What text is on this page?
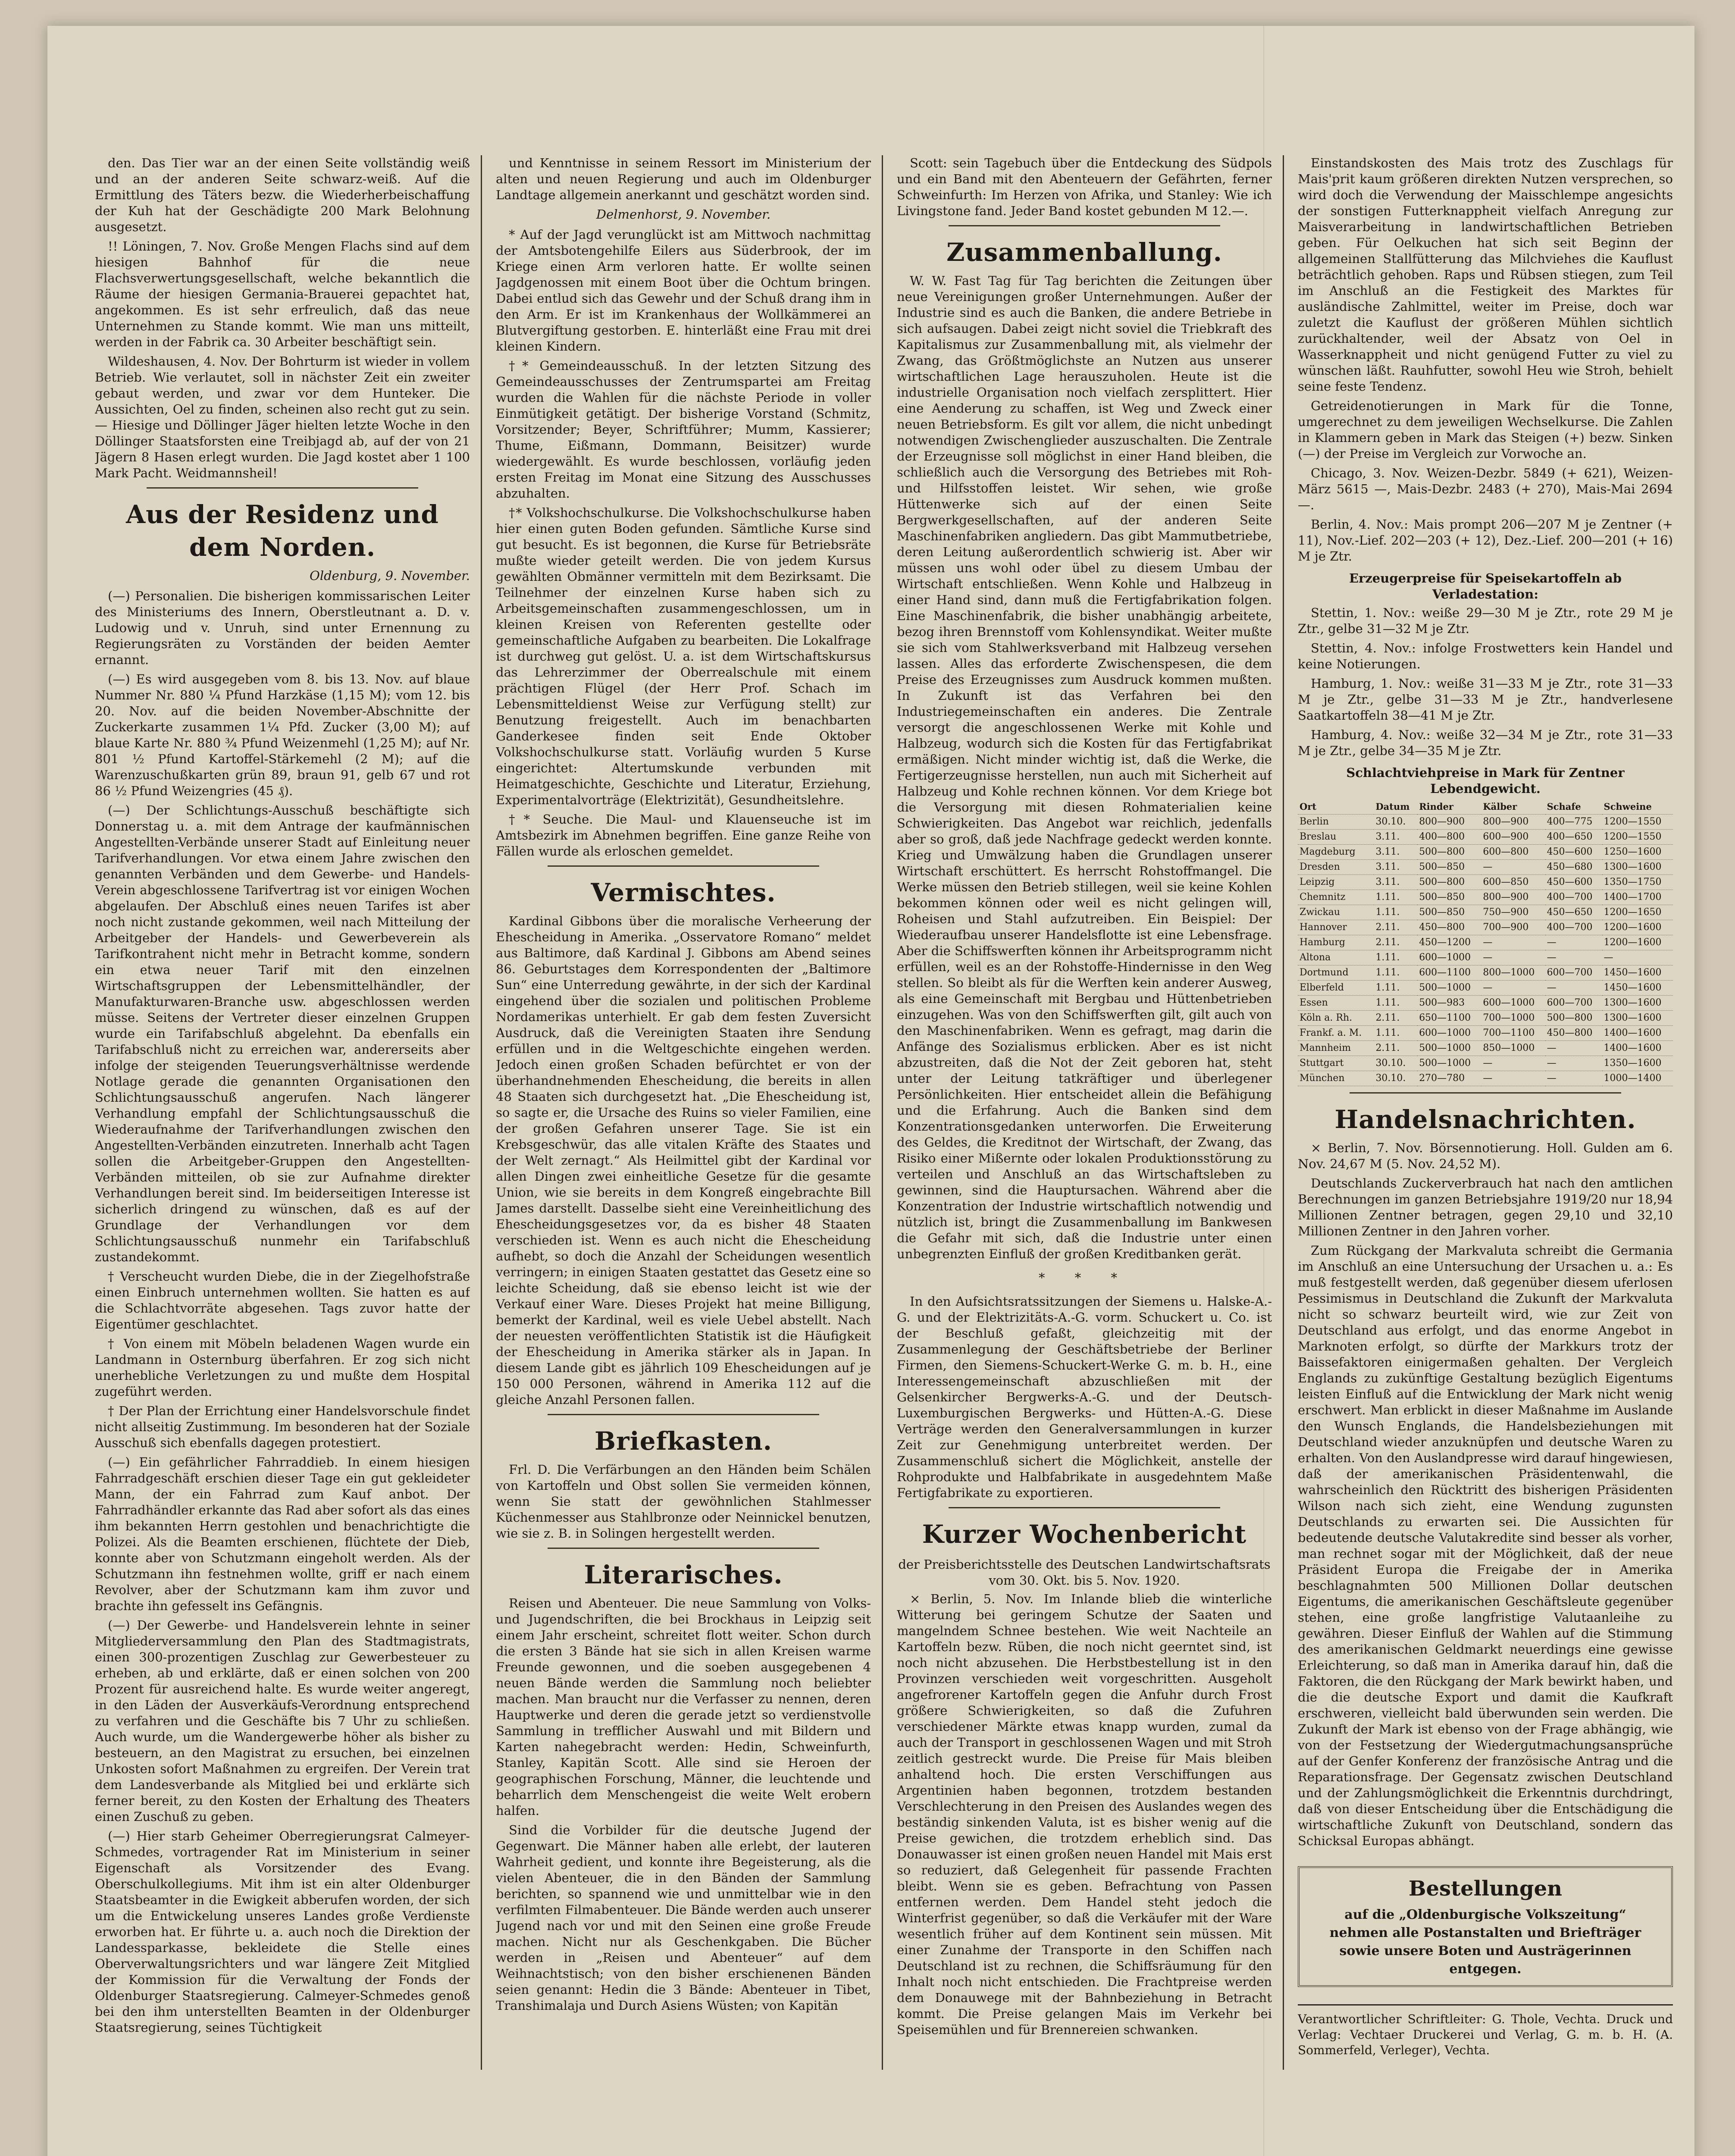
den. Das Tier war an der einen Seite vollständig weiß und an der anderen Seite schwarz-weiß. Auf die Ermittlung des Täters bezw. die Wiederherbeischaffung der Kuh hat der Geschädigte 200 Mark Belohnung ausgesetzt.

!! Löningen, 7. Nov. Große Mengen Flachs sind auf dem hiesigen Bahnhof für die neue Flachsverwertungsgesellschaft, welche bekanntlich die Räume der hiesigen Germania-Brauerei gepachtet hat, angekommen. Es ist sehr erfreulich, daß das neue Unternehmen zu Stande kommt. Wie man uns mitteilt, werden in der Fabrik ca. 30 Arbeiter beschäftigt sein.

Wildeshausen, 4. Nov. Der Bohrturm ist wieder in vollem Betrieb. Wie verlautet, soll in nächster Zeit ein zweiter gebaut werden, und zwar vor dem Hunteker. Die Aussichten, Oel zu finden, scheinen also recht gut zu sein. — Hiesige und Döllinger Jäger hielten letzte Woche in den Döllinger Staatsforsten eine Treibjagd ab, auf der von 21 Jägern 8 Hasen erlegt wurden. Die Jagd kostet aber 1 100 Mark Pacht. Weidmannsheil!

Aus der Residenz und dem Norden.
Oldenburg, 9. November.

(—) Personalien. Die bisherigen kommissarischen Leiter des Ministeriums des Innern, Oberstleutnant a. D. v. Ludowig und v. Unruh, sind unter Ernennung zu Regierungsräten zu Vorständen der beiden Aemter ernannt.

(—) Es wird ausgegeben vom 8. bis 13. Nov. auf blaue Nummer Nr. 880 ¼ Pfund Harzkäse (1,15 M); vom 12. bis 20. Nov. auf die beiden November-Abschnitte der Zuckerkarte zusammen 1¼ Pfd. Zucker (3,00 M); auf blaue Karte Nr. 880 ¾ Pfund Weizenmehl (1,25 M); auf Nr. 801 ½ Pfund Kartoffel-Stärkemehl (2 M); auf die Warenzuschußkarten grün 89, braun 91, gelb 67 und rot 86 ½ Pfund Weizengries (45 ₰).

(—) Der Schlichtungs-Ausschuß beschäftigte sich Donnerstag u. a. mit dem Antrage der kaufmännischen Angestellten-Verbände unserer Stadt auf Einleitung neuer Tarifverhandlungen. Vor etwa einem Jahre zwischen den genannten Verbänden und dem Gewerbe- und Handels-Verein abgeschlossene Tarifvertrag ist vor einigen Wochen abgelaufen. Der Abschluß eines neuen Tarifes ist aber noch nicht zustande gekommen, weil nach Mitteilung der Arbeitgeber der Handels- und Gewerbeverein als Tarifkontrahent nicht mehr in Betracht komme, sondern ein etwa neuer Tarif mit den einzelnen Wirtschaftsgruppen der Lebensmittelhändler, der Manufakturwaren-Branche usw. abgeschlossen werden müsse. Seitens der Vertreter dieser einzelnen Gruppen wurde ein Tarifabschluß abgelehnt. Da ebenfalls ein Tarifabschluß nicht zu erreichen war, andererseits aber infolge der steigenden Teuerungsverhältnisse werdende Notlage gerade die genannten Organisationen den Schlichtungsausschuß angerufen. Nach längerer Verhandlung empfahl der Schlichtungsausschuß die Wiederaufnahme der Tarifverhandlungen zwischen den Angestellten-Verbänden einzutreten. Innerhalb acht Tagen sollen die Arbeitgeber-Gruppen den Angestellten-Verbänden mitteilen, ob sie zur Aufnahme direkter Verhandlungen bereit sind. Im beiderseitigen Interesse ist sicherlich dringend zu wünschen, daß es auf der Grundlage der Verhandlungen vor dem Schlichtungsausschuß nunmehr ein Tarifabschluß zustandekommt.

† Verscheucht wurden Diebe, die in der Ziegelhofstraße einen Einbruch unternehmen wollten. Sie hatten es auf die Schlachtvorräte abgesehen. Tags zuvor hatte der Eigentümer geschlachtet.

† Von einem mit Möbeln beladenen Wagen wurde ein Landmann in Osternburg überfahren. Er zog sich nicht unerhebliche Verletzungen zu und mußte dem Hospital zugeführt werden.

† Der Plan der Errichtung einer Handelsvorschule findet nicht allseitig Zustimmung. Im besonderen hat der Soziale Ausschuß sich ebenfalls dagegen protestiert.

(—) Ein gefährlicher Fahrraddieb. In einem hiesigen Fahrradgeschäft erschien dieser Tage ein gut gekleideter Mann, der ein Fahrrad zum Kauf anbot. Der Fahrradhändler erkannte das Rad aber sofort als das eines ihm bekannten Herrn gestohlen und benachrichtigte die Polizei. Als die Beamten erschienen, flüchtete der Dieb, konnte aber von Schutzmann eingeholt werden. Als der Schutzmann ihn festnehmen wollte, griff er nach einem Revolver, aber der Schutzmann kam ihm zuvor und brachte ihn gefesselt ins Gefängnis.

(—) Der Gewerbe- und Handelsverein lehnte in seiner Mitgliederversammlung den Plan des Stadtmagistrats, einen 300-prozentigen Zuschlag zur Gewerbesteuer zu erheben, ab und erklärte, daß er einen solchen von 200 Prozent für ausreichend halte. Es wurde weiter angeregt, in den Läden der Ausverkäufs-Verordnung entsprechend zu verfahren und die Geschäfte bis 7 Uhr zu schließen. Auch wurde, um die Wandergewerbe höher als bisher zu besteuern, an den Magistrat zu ersuchen, bei einzelnen Unkosten sofort Maßnahmen zu ergreifen. Der Verein trat dem Landesverbande als Mitglied bei und erklärte sich ferner bereit, zu den Kosten der Erhaltung des Theaters einen Zuschuß zu geben.

(—) Hier starb Geheimer Oberregierungsrat Calmeyer-Schmedes, vortragender Rat im Ministerium in seiner Eigenschaft als Vorsitzender des Evang. Oberschulkollegiums. Mit ihm ist ein alter Oldenburger Staatsbeamter in die Ewigkeit abberufen worden, der sich um die Entwickelung unseres Landes große Verdienste erworben hat. Er führte u. a. auch noch die Direktion der Landessparkasse, bekleidete die Stelle eines Oberverwaltungsrichters und war längere Zeit Mitglied der Kommission für die Verwaltung der Fonds der Oldenburger Staatsregierung. Calmeyer-Schmedes genoß bei den ihm unterstellten Beamten in der Oldenburger Staatsregierung, seines Tüchtigkeit

und Kenntnisse in seinem Ressort im Ministerium der alten und neuen Regierung und auch im Oldenburger Landtage allgemein anerkannt und geschätzt worden sind.

Delmenhorst, 9. November.

* Auf der Jagd verunglückt ist am Mittwoch nachmittag der Amtsbotengehilfe Eilers aus Süderbrook, der im Kriege einen Arm verloren hatte. Er wollte seinen Jagdgenossen mit einem Boot über die Ochtum bringen. Dabei entlud sich das Gewehr und der Schuß drang ihm in den Arm. Er ist im Krankenhaus der Wollkämmerei an Blutvergiftung gestorben. E. hinterläßt eine Frau mit drei kleinen Kindern.

†* Gemeindeausschuß. In der letzten Sitzung des Gemeindeausschusses der Zentrumspartei am Freitag wurden die Wahlen für die nächste Periode in voller Einmütigkeit getätigt. Der bisherige Vorstand (Schmitz, Vorsitzender; Beyer, Schriftführer; Mumm, Kassierer; Thume, Eißmann, Dommann, Beisitzer) wurde wiedergewählt. Es wurde beschlossen, vorläufig jeden ersten Freitag im Monat eine Sitzung des Ausschusses abzuhalten.

†* Volkshochschulkurse. Die Volkshochschulkurse haben hier einen guten Boden gefunden. Sämtliche Kurse sind gut besucht. Es ist begonnen, die Kurse für Betriebsräte mußte wieder geteilt werden. Die von jedem Kursus gewählten Obmänner vermitteln mit dem Bezirksamt. Die Teilnehmer der einzelnen Kurse haben sich zu Arbeitsgemeinschaften zusammengeschlossen, um in kleinen Kreisen von Referenten gestellte oder gemeinschaftliche Aufgaben zu bearbeiten. Die Lokalfrage ist durchweg gut gelöst. U. a. ist dem Wirtschaftskursus das Lehrerzimmer der Oberrealschule mit einem prächtigen Flügel (der Herr Prof. Schach im Lebensmitteldienst Weise zur Verfügung stellt) zur Benutzung freigestellt. Auch im benachbarten Ganderkesee finden seit Ende Oktober Volkshochschulkurse statt. Vorläufig wurden 5 Kurse eingerichtet: Altertumskunde verbunden mit Heimatgeschichte, Geschichte und Literatur, Erziehung, Experimentalvorträge (Elektrizität), Gesundheitslehre.

†* Seuche. Die Maul- und Klauenseuche ist im Amtsbezirk im Abnehmen begriffen. Eine ganze Reihe von Fällen wurde als erloschen gemeldet.

Vermischtes.

Kardinal Gibbons über die moralische Verheerung der Ehescheidung in Amerika. „Osservatore Romano“ meldet aus Baltimore, daß Kardinal J. Gibbons am Abend seines 86. Geburtstages dem Korrespondenten der „Baltimore Sun“ eine Unterredung gewährte, in der sich der Kardinal eingehend über die sozialen und politischen Probleme Nordamerikas unterhielt. Er gab dem festen Zuversicht Ausdruck, daß die Vereinigten Staaten ihre Sendung erfüllen und in die Weltgeschichte eingehen werden. Jedoch einen großen Schaden befürchtet er von der überhandnehmenden Ehescheidung, die bereits in allen 48 Staaten sich durchgesetzt hat. „Die Ehescheidung ist, so sagte er, die Ursache des Ruins so vieler Familien, eine der großen Gefahren unserer Tage. Sie ist ein Krebsgeschwür, das alle vitalen Kräfte des Staates und der Welt zernagt.“ Als Heilmittel gibt der Kardinal vor allen Dingen zwei einheitliche Gesetze für die gesamte Union, wie sie bereits in dem Kongreß eingebrachte Bill James darstellt. Dasselbe sieht eine Vereinheitlichung des Ehescheidungsgesetzes vor, da es bisher 48 Staaten verschieden ist. Wenn es auch nicht die Ehescheidung aufhebt, so doch die Anzahl der Scheidungen wesentlich verringern; in einigen Staaten gestattet das Gesetz eine so leichte Scheidung, daß sie ebenso leicht ist wie der Verkauf einer Ware. Dieses Projekt hat meine Billigung, bemerkt der Kardinal, weil es viele Uebel abstellt. Nach der neuesten veröffentlichten Statistik ist die Häufigkeit der Ehescheidung in Amerika stärker als in Japan. In diesem Lande gibt es jährlich 109 Ehescheidungen auf je 150 000 Personen, während in Amerika 112 auf die gleiche Anzahl Personen fallen.

Briefkasten.

Frl. D. Die Verfärbungen an den Händen beim Schälen von Kartoffeln und Obst sollen Sie vermeiden können, wenn Sie statt der gewöhnlichen Stahlmesser Küchenmesser aus Stahlbronze oder Neinnickel benutzen, wie sie z. B. in Solingen hergestellt werden.

Literarisches.

Reisen und Abenteuer. Die neue Sammlung von Volks- und Jugendschriften, die bei Brockhaus in Leipzig seit einem Jahr erscheint, schreitet flott weiter. Schon durch die ersten 3 Bände hat sie sich in allen Kreisen warme Freunde gewonnen, und die soeben ausgegebenen 4 neuen Bände werden die Sammlung noch beliebter machen. Man braucht nur die Verfasser zu nennen, deren Hauptwerke und deren die gerade jetzt so verdienstvolle Sammlung in trefflicher Auswahl und mit Bildern und Karten nahegebracht werden: Hedin, Schweinfurth, Stanley, Kapitän Scott. Alle sind sie Heroen der geographischen Forschung, Männer, die leuchtende und beharrlich dem Menschengeist die weite Welt erobern halfen.

Sind die Vorbilder für die deutsche Jugend der Gegenwart. Die Männer haben alle erlebt, der lauteren Wahrheit gedient, und konnte ihre Begeisterung, als die vielen Abenteuer, die in den Bänden der Sammlung berichten, so spannend wie und unmittelbar wie in den verfilmten Filmabenteuer. Die Bände werden auch unserer Jugend nach vor und mit den Seinen eine große Freude machen. Nicht nur als Geschenkgaben. Die Bücher werden in „Reisen und Abenteuer“ auf dem Weihnachtstisch; von den bisher erschienenen Bänden seien genannt: Hedin die 3 Bände: Abenteuer in Tibet, Transhimalaja und Durch Asiens Wüsten; von Kapitän

Scott: sein Tagebuch über die Entdeckung des Südpols und ein Band mit den Abenteuern der Gefährten, ferner Schweinfurth: Im Herzen von Afrika, und Stanley: Wie ich Livingstone fand. Jeder Band kostet gebunden M 12.—.

Zusammenballung.

W. W. Fast Tag für Tag berichten die Zeitungen über neue Vereinigungen großer Unternehmungen. Außer der Industrie sind es auch die Banken, die andere Betriebe in sich aufsaugen. Dabei zeigt nicht soviel die Triebkraft des Kapitalismus zur Zusammenballung mit, als vielmehr der Zwang, das Größtmöglichste an Nutzen aus unserer wirtschaftlichen Lage herauszuholen. Heute ist die industrielle Organisation noch vielfach zersplittert. Hier eine Aenderung zu schaffen, ist Weg und Zweck einer neuen Betriebsform. Es gilt vor allem, die nicht unbedingt notwendigen Zwischenglieder auszuschalten. Die Zentrale der Erzeugnisse soll möglichst in einer Hand bleiben, die schließlich auch die Versorgung des Betriebes mit Roh- und Hilfsstoffen leistet. Wir sehen, wie große Hüttenwerke sich auf der einen Seite Bergwerkgesellschaften, auf der anderen Seite Maschinenfabriken angliedern. Das gibt Mammutbetriebe, deren Leitung außerordentlich schwierig ist. Aber wir müssen uns wohl oder übel zu diesem Umbau der Wirtschaft entschließen. Wenn Kohle und Halbzeug in einer Hand sind, dann muß die Fertigfabrikation folgen. Eine Maschinenfabrik, die bisher unabhängig arbeitete, bezog ihren Brennstoff vom Kohlensyndikat. Weiter mußte sie sich vom Stahlwerksverband mit Halbzeug versehen lassen. Alles das erforderte Zwischenspesen, die dem Preise des Erzeugnisses zum Ausdruck kommen mußten. In Zukunft ist das Verfahren bei den Industriegemeinschaften ein anderes. Die Zentrale versorgt die angeschlossenen Werke mit Kohle und Halbzeug, wodurch sich die Kosten für das Fertigfabrikat ermäßigen. Nicht minder wichtig ist, daß die Werke, die Fertigerzeugnisse herstellen, nun auch mit Sicherheit auf Halbzeug und Kohle rechnen können. Vor dem Kriege bot die Versorgung mit diesen Rohmaterialien keine Schwierigkeiten. Das Angebot war reichlich, jedenfalls aber so groß, daß jede Nachfrage gedeckt werden konnte. Krieg und Umwälzung haben die Grundlagen unserer Wirtschaft erschüttert. Es herrscht Rohstoffmangel. Die Werke müssen den Betrieb stillegen, weil sie keine Kohlen bekommen können oder weil es nicht gelingen will, Roheisen und Stahl aufzutreiben. Ein Beispiel: Der Wiederaufbau unserer Handelsflotte ist eine Lebensfrage. Aber die Schiffswerften können ihr Arbeitsprogramm nicht erfüllen, weil es an der Rohstoffe-Hindernisse in den Weg stellen. So bleibt als für die Werften kein anderer Ausweg, als eine Gemeinschaft mit Bergbau und Hüttenbetrieben einzugehen. Was von den Schiffswerften gilt, gilt auch von den Maschinenfabriken. Wenn es gefragt, mag darin die Anfänge des Sozialismus erblicken. Aber es ist nicht abzustreiten, daß die Not der Zeit geboren hat, steht unter der Leitung tatkräftiger und überlegener Persönlichkeiten. Hier entscheidet allein die Befähigung und die Erfahrung. Auch die Banken sind dem Konzentrationsgedanken unterworfen. Die Erweiterung des Geldes, die Kreditnot der Wirtschaft, der Zwang, das Risiko einer Mißernte oder lokalen Produktionsstörung zu verteilen und Anschluß an das Wirtschaftsleben zu gewinnen, sind die Hauptursachen. Während aber die Konzentration der Industrie wirtschaftlich notwendig und nützlich ist, bringt die Zusammenballung im Bankwesen die Gefahr mit sich, daß die Industrie unter einen unbegrenzten Einfluß der großen Kreditbanken gerät.

* * *

In den Aufsichtsratssitzungen der Siemens u. Halske-A.-G. und der Elektrizitäts-A.-G. vorm. Schuckert u. Co. ist der Beschluß gefaßt, gleichzeitig mit der Zusammenlegung der Geschäftsbetriebe der Berliner Firmen, den Siemens-Schuckert-Werke G. m. b. H., eine Interessengemeinschaft abzuschließen mit der Gelsenkircher Bergwerks-A.-G. und der Deutsch-Luxemburgischen Bergwerks- und Hütten-A.-G. Diese Verträge werden den Generalversammlungen in kurzer Zeit zur Genehmigung unterbreitet werden. Der Zusammenschluß sichert die Möglichkeit, anstelle der Rohprodukte und Halbfabrikate in ausgedehntem Maße Fertigfabrikate zu exportieren.

Kurzer Wochenbericht
der Preisberichtsstelle des Deutschen Landwirtschaftsrats vom 30. Okt. bis 5. Nov. 1920.

× Berlin, 5. Nov. Im Inlande blieb die winterliche Witterung bei geringem Schutze der Saaten und mangelndem Schnee bestehen. Wie weit Nachteile an Kartoffeln bezw. Rüben, die noch nicht geerntet sind, ist noch nicht abzusehen. Die Herbstbestellung ist in den Provinzen verschieden weit vorgeschritten. Ausgeholt angefrorener Kartoffeln gegen die Anfuhr durch Frost größere Schwierigkeiten, so daß die Zufuhren verschiedener Märkte etwas knapp wurden, zumal da auch der Transport in geschlossenen Wagen und mit Stroh zeitlich gestreckt wurde. Die Preise für Mais bleiben anhaltend hoch. Die ersten Verschiffungen aus Argentinien haben begonnen, trotzdem bestanden Verschlechterung in den Preisen des Auslandes wegen des beständig sinkenden Valuta, ist es bisher wenig auf die Preise gewichen, die trotzdem erheblich sind. Das Donauwasser ist einen großen neuen Handel mit Mais erst so reduziert, daß Gelegenheit für passende Frachten bleibt. Wenn sie es geben. Befrachtung von Passen entfernen werden. Dem Handel steht jedoch die Winterfrist gegenüber, so daß die Verkäufer mit der Ware wesentlich früher auf dem Kontinent sein müssen. Mit einer Zunahme der Transporte in den Schiffen nach Deutschland ist zu rechnen, die Schiffsräumung für den Inhalt noch nicht entschieden. Die Frachtpreise werden dem Donauwege mit der Bahnbeziehung in Betracht kommt. Die Preise gelangen Mais im Verkehr bei Speisemühlen und für Brennereien schwanken.

Einstandskosten des Mais trotz des Zuschlags für Mais'prit kaum größeren direkten Nutzen versprechen, so wird doch die Verwendung der Maisschlempe angesichts der sonstigen Futterknappheit vielfach Anregung zur Maisverarbeitung in landwirtschaftlichen Betrieben geben. Für Oelkuchen hat sich seit Beginn der allgemeinen Stallfütterung das Milchviehes die Kauflust beträchtlich gehoben. Raps und Rübsen stiegen, zum Teil im Anschluß an die Festigkeit des Marktes für ausländische Zahlmittel, weiter im Preise, doch war zuletzt die Kauflust der größeren Mühlen sichtlich zurückhaltender, weil der Absatz von Oel in Wasserknappheit und nicht genügend Futter zu viel zu wünschen läßt. Rauhfutter, sowohl Heu wie Stroh, behielt seine feste Tendenz.

Getreidenotierungen in Mark für die Tonne, umgerechnet zu dem jeweiligen Wechselkurse. Die Zahlen in Klammern geben in Mark das Steigen (+) bezw. Sinken (—) der Preise im Vergleich zur Vorwoche an.

Chicago, 3. Nov. Weizen-Dezbr. 5849 (+ 621), Weizen-März 5615 —, Mais-Dezbr. 2483 (+ 270), Mais-Mai 2694 —.

Berlin, 4. Nov.: Mais prompt 206—207 M je Zentner (+ 11), Nov.-Lief. 202—203 (+ 12), Dez.-Lief. 200—201 (+ 16) M je Ztr.

Erzeugerpreise für Speisekartoffeln ab Verladestation:

Stettin, 1. Nov.: weiße 29—30 M je Ztr., rote 29 M je Ztr., gelbe 31—32 M je Ztr.

Stettin, 4. Nov.: infolge Frostwetters kein Handel und keine Notierungen.

Hamburg, 1. Nov.: weiße 31—33 M je Ztr., rote 31—33 M je Ztr., gelbe 31—33 M je Ztr., handverlesene Saatkartoffeln 38—41 M je Ztr.

Hamburg, 4. Nov.: weiße 32—34 M je Ztr., rote 31—33 M je Ztr., gelbe 34—35 M je Ztr.

Schlachtviehpreise in Mark für Zentner Lebendgewicht.
Ort	Datum	Rinder	Kälber	Schafe	Schweine
Berlin	30.10.	800—900	800—900	400—775	1200—1550
Breslau	3.11.	400—800	600—900	400—650	1200—1550
Magdeburg	3.11.	500—800	600—800	450—600	1250—1600
Dresden	3.11.	500—850	—	450—680	1300—1600
Leipzig	3.11.	500—800	600—850	450—600	1350—1750
Chemnitz	1.11.	500—850	800—900	400—700	1400—1700
Zwickau	1.11.	500—850	750—900	450—650	1200—1650
Hannover	2.11.	450—800	700—900	400—700	1200—1600
Hamburg	2.11.	450—1200	—	—	1200—1600
Altona	1.11.	600—1000	—	—	—
Dortmund	1.11.	600—1100	800—1000	600—700	1450—1600
Elberfeld	1.11.	500—1000	—	—	1450—1600
Essen	1.11.	500—983	600—1000	600—700	1300—1600
Köln a. Rh.	2.11.	650—1100	700—1000	500—800	1300—1600
Frankf. a. M.	1.11.	600—1000	700—1100	450—800	1400—1600
Mannheim	2.11.	500—1000	850—1000	—	1400—1600
Stuttgart	30.10.	500—1000	—	—	1350—1600
München	30.10.	270—780	—	—	1000—1400
Handelsnachrichten.

× Berlin, 7. Nov. Börsennotierung. Holl. Gulden am 6. Nov. 24,67 M (5. Nov. 24,52 M).

Deutschlands Zuckerverbrauch hat nach den amtlichen Berechnungen im ganzen Betriebsjahre 1919/20 nur 18,94 Millionen Zentner betragen, gegen 29,10 und 32,10 Millionen Zentner in den Jahren vorher.

Zum Rückgang der Markvaluta schreibt die Germania im Anschluß an eine Untersuchung der Ursachen u. a.: Es muß festgestellt werden, daß gegenüber diesem uferlosen Pessimismus in Deutschland die Zukunft der Markvaluta nicht so schwarz beurteilt wird, wie zur Zeit von Deutschland aus erfolgt, und das enorme Angebot in Marknoten erfolgt, so dürfte der Markkurs trotz der Baissefaktoren einigermaßen gehalten. Der Vergleich Englands zu zukünftige Gestaltung bezüglich Eigentums leisten Einfluß auf die Entwicklung der Mark nicht wenig erschwert. Man erblickt in dieser Maßnahme im Auslande den Wunsch Englands, die Handelsbeziehungen mit Deutschland wieder anzuknüpfen und deutsche Waren zu erhalten. Von den Auslandpresse wird darauf hingewiesen, daß der amerikanischen Präsidentenwahl, die wahrscheinlich den Rücktritt des bisherigen Präsidenten Wilson nach sich zieht, eine Wendung zugunsten Deutschlands zu erwarten sei. Die Aussichten für bedeutende deutsche Valutakredite sind besser als vorher, man rechnet sogar mit der Möglichkeit, daß der neue Präsident Europa die Freigabe der in Amerika beschlagnahmten 500 Millionen Dollar deutschen Eigentums, die amerikanischen Geschäftsleute gegenüber stehen, eine große langfristige Valutaanleihe zu gewähren. Dieser Einfluß der Wahlen auf die Stimmung des amerikanischen Geldmarkt neuerdings eine gewisse Erleichterung, so daß man in Amerika darauf hin, daß die Faktoren, die den Rückgang der Mark bewirkt haben, und die die deutsche Export und damit die Kaufkraft erschweren, vielleicht bald überwunden sein werden. Die Zukunft der Mark ist ebenso von der Frage abhängig, wie von der Festsetzung der Wiedergutmachungsansprüche auf der Genfer Konferenz der französische Antrag und die Reparationsfrage. Der Gegensatz zwischen Deutschland und der Zahlungsmöglichkeit die Erkenntnis durchdringt, daß von dieser Entscheidung über die Entschädigung die wirtschaftliche Zukunft von Deutschland, sondern das Schicksal Europas abhängt.

Bestellungen
auf die „Oldenburgische Volkszeitung“
nehmen alle Postanstalten und Briefträger
sowie unsere Boten und Austrägerinnen entgegen.
Verantwortlicher Schriftleiter: G. Thole, Vechta. Druck und Verlag: Vechtaer Druckerei und Verlag, G. m. b. H. (A. Sommerfeld, Verleger), Vechta.
